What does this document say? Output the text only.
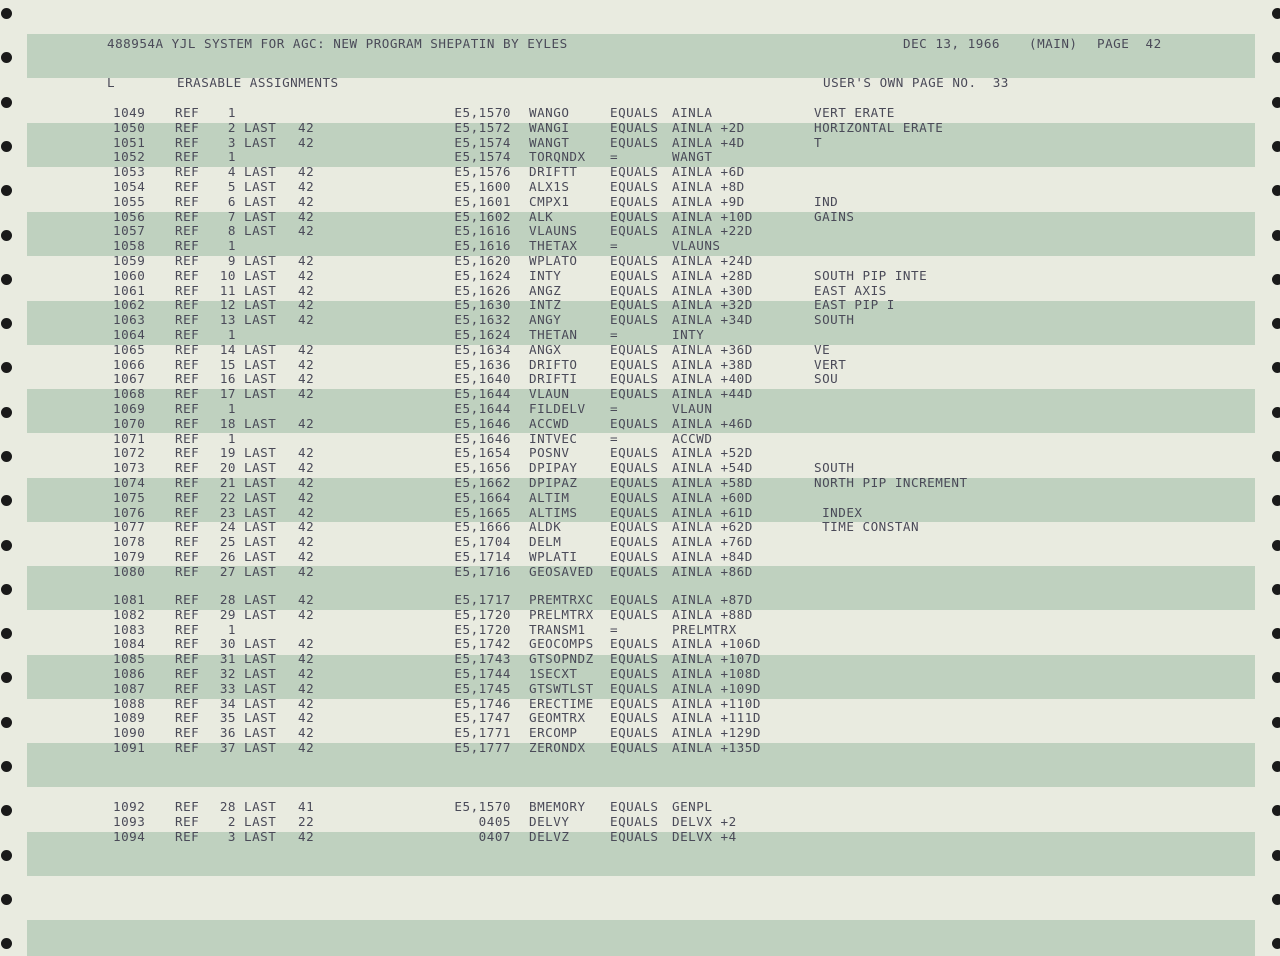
488954A YJL SYSTEM FOR AGC: NEW PROGRAM SHEPATIN BY EYLES	DEC 13, 1966 (MAIN) PAGE  42
L	ERASABLE ASSIGNMENTS	USER'S OWN PAGE NO.  33
1049 REF	1	E5,1570 WANGO	EQUALS AINLA	VERT ERATE
1050 REF	2 LAST 42	E5,1572 WANGI	EQUALS AINLA +2D	HORIZONTAL ERATE
1051 REF	3 LAST 42	E5,1574 WANGT	EQUALS AINLA +4D	T
1052 REF	1	E5,1574 TORQNDX =	WANGT
1053 REF	4 LAST 42	E5,1576 DRIFTT	EQUALS AINLA +6D
1054 REF	5 LAST 42	E5,1600 ALX1S	EQUALS AINLA +8D
1055 REF	6 LAST 42	E5,1601 CMPX1	EQUALS AINLA +9D	IND
1056 REF	7 LAST 42	E5,1602 ALK	EQUALS AINLA +10D	GAINS
1057 REF	8 LAST 42	E5,1616 VLAUNS	EQUALS AINLA +22D
1058 REF	1	E5,1616 THETAX	=	VLAUNS
1059 REF	9 LAST 42	E5,1620 WPLATO	EQUALS AINLA +24D
1060 REF	10 LAST 42	E5,1624 INTY	EQUALS AINLA +28D	SOUTH PIP INTE
1061 REF	11 LAST 42	E5,1626 ANGZ	EQUALS AINLA +30D	EAST AXIS
1062 REF	12 LAST 42	E5,1630 INTZ	EQUALS AINLA +32D	EAST PIP I
1063 REF	13 LAST 42	E5,1632 ANGY	EQUALS AINLA +34D	SOUTH
1064 REF	1	E5,1624 THETAN	=	INTY
1065 REF	14 LAST 42	E5,1634 ANGX	EQUALS AINLA +36D	VE
1066 REF	15 LAST 42	E5,1636 DRIFTO	EQUALS AINLA +38D	VERT
1067 REF	16 LAST 42	E5,1640 DRIFTI	EQUALS AINLA +40D	SOU
1068 REF	17 LAST 42	E5,1644 VLAUN	EQUALS AINLA +44D
1069 REF	1	E5,1644 FILDELV =	VLAUN
1070 REF	18 LAST 42	E5,1646 ACCWD	EQUALS AINLA +46D
1071 REF	1	E5,1646 INTVEC	=	ACCWD
1072 REF	19 LAST 42	E5,1654 POSNV	EQUALS AINLA +52D
1073 REF	20 LAST 42	E5,1656 DPIPAY	EQUALS AINLA +54D	SOUTH
1074 REF	21 LAST 42	E5,1662 DPIPAZ	EQUALS AINLA +58D	NORTH PIP INCREMENT
1075 REF	22 LAST 42	E5,1664 ALTIM	EQUALS AINLA +60D
1076 REF	23 LAST 42	E5,1665 ALTIMS	EQUALS AINLA +61D	INDEX
1077 REF	24 LAST 42	E5,1666 ALDK	EQUALS AINLA +62D	TIME CONSTAN
1078 REF	25 LAST 42	E5,1704 DELM	EQUALS AINLA +76D
1079 REF	26 LAST 42	E5,1714 WPLATI	EQUALS AINLA +84D
1080 REF	27 LAST 42	E5,1716 GEOSAVED EQUALS AINLA +86D
1081 REF	28 LAST 42	E5,1717 PREMTRXC EQUALS AINLA +87D
1082 REF	29 LAST 42	E5,1720 PRELMTRX EQUALS AINLA +88D
1083 REF	1	E5,1720 TRANSM1 =	PRELMTRX
1084 REF	30 LAST 42	E5,1742 GEOCOMPS EQUALS AINLA +106D
1085 REF	31 LAST 42	E5,1743 GTSOPNDZ EQUALS AINLA +107D
1086 REF	32 LAST 42	E5,1744 1SECXT	EQUALS AINLA +108D
1087 REF	33 LAST 42	E5,1745 GTSWTLST EQUALS AINLA +109D
1088 REF	34 LAST 42	E5,1746 ERECTIME EQUALS AINLA +110D
1089 REF	35 LAST 42	E5,1747 GEOMTRX EQUALS AINLA +111D
1090 REF	36 LAST 42	E5,1771 ERCOMP	EQUALS AINLA +129D
1091 REF	37 LAST 42	E5,1777 ZERONDX EQUALS AINLA +135D
1092 REF	28 LAST 41	E5,1570 BMEMORY EQUALS GENPL
1093 REF	2 LAST 22	0405 DELVY	EQUALS DELVX +2
1094 REF	3 LAST 42	0407 DELVZ	EQUALS DELVX +4
